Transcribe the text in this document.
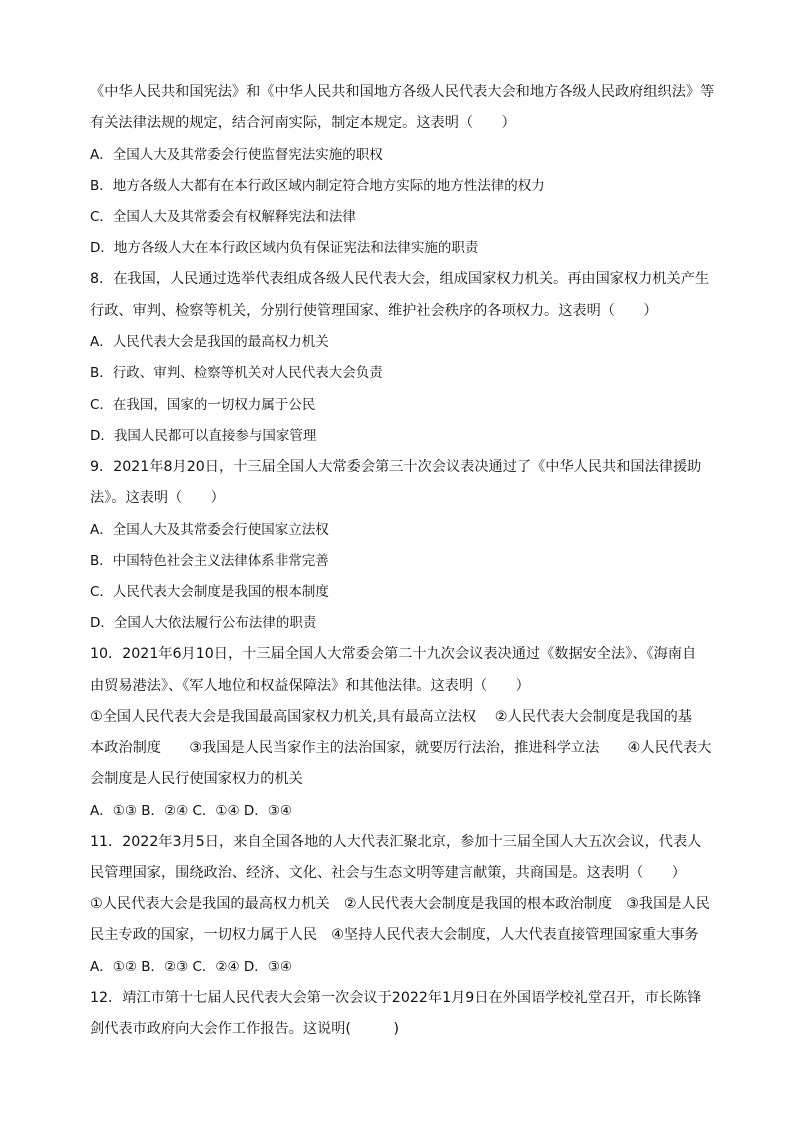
《中华人民共和国宪法》和《中华人民共和国地方各级人民代表大会和地方各级人民政府组织法》等
有关法律法规的规定，结合河南实际，制定本规定。这表明（　　）
A．全国人大及其常委会行使监督宪法实施的职权
B．地方各级人大都有在本行政区域内制定符合地方实际的地方性法律的权力
C．全国人大及其常委会有权解释宪法和法律
D．地方各级人大在本行政区域内负有保证宪法和法律实施的职责
8．在我国，人民通过选举代表组成各级人民代表大会，组成国家权力机关。再由国家权力机关产生
行政、审判、检察等机关，分别行使管理国家、维护社会秩序的各项权力。这表明（　　）
A．人民代表大会是我国的最高权力机关
B．行政、审判、检察等机关对人民代表大会负责
C．在我国，国家的一切权力属于公民
D．我国人民都可以直接参与国家管理
9．2021年8月20日，十三届全国人大常委会第三十次会议表决通过了《中华人民共和国法律援助
法》。这表明（　　）
A．全国人大及其常委会行使国家立法权
B．中国特色社会主义法律体系非常完善
C．人民代表大会制度是我国的根本制度
D．全国人大依法履行公布法律的职责
10．2021年6月10日，十三届全国人大常委会第二十九次会议表决通过《数据安全法》、《海南自
由贸易港法》、《军人地位和权益保障法》和其他法律。这表明（　　）
①全国人民代表大会是我国最高国家权力机关,具有最高立法权　 ②人民代表大会制度是我国的基
本政治制度　　③我国是人民当家作主的法治国家，就要厉行法治，推进科学立法　　④人民代表大
会制度是人民行使国家权力的机关
A．①③ B．②④ C．①④ D．③④
11．2022年3月5日，来自全国各地的人大代表汇聚北京，参加十三届全国人大五次会议，代表人
民管理国家，围绕政治、经济、文化、社会与生态文明等建言献策，共商国是。这表明（　　）
①人民代表大会是我国的最高权力机关　②人民代表大会制度是我国的根本政治制度　③我国是人民
民主专政的国家，一切权力属于人民　④坚持人民代表大会制度，人大代表直接管理国家重大事务
A．①② B．②③ C．②④ D．③④
12．靖江市第十七届人民代表大会第一次会议于2022年1月9日在外国语学校礼堂召开，市长陈锋
剑代表市政府向大会作工作报告。这说明(　　　)
